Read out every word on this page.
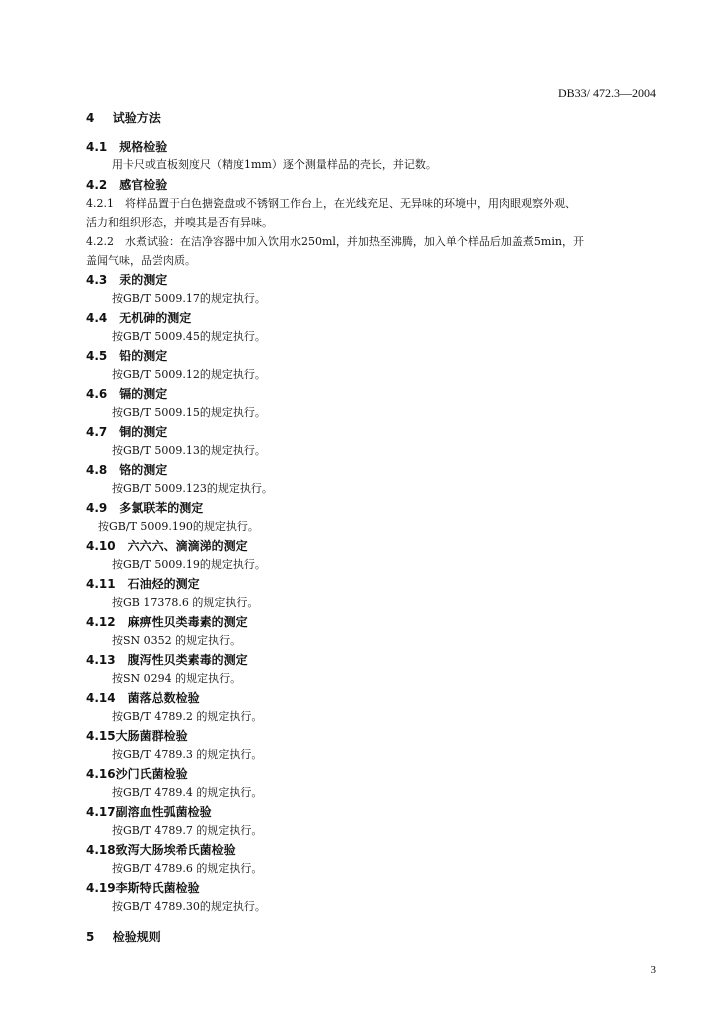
DB33/ 472.3—2004
4 试验方法
4.1 规格检验
用卡尺或直板刻度尺（精度1mm）逐个测量样品的壳长，并记数。
4.2 感官检验
4.2.1　将样品置于白色搪瓷盘或不锈钢工作台上，在光线充足、无异味的环境中，用肉眼观察外观、
活力和组织形态，并嗅其是否有异味。
4.2.2　水煮试验：在洁净容器中加入饮用水250ml，并加热至沸腾，加入单个样品后加盖煮5min，开
盖闻气味，品尝肉质。
4.3 汞的测定
按GB/T 5009.17的规定执行。
4.4 无机砷的测定
按GB/T 5009.45的规定执行。
4.5 铅的测定
按GB/T 5009.12的规定执行。
4.6 镉的测定
按GB/T 5009.15的规定执行。
4.7 铜的测定
按GB/T 5009.13的规定执行。
4.8 铬的测定
按GB/T 5009.123的规定执行。
4.9 多氯联苯的测定
按GB/T 5009.190的规定执行。
4.10 六六六、滴滴涕的测定
按GB/T 5009.19的规定执行。
4.11 石油烃的测定
按GB 17378.6 的规定执行。
4.12 麻痹性贝类毒素的测定
按SN 0352 的规定执行。
4.13 腹泻性贝类素毒的测定
按SN 0294 的规定执行。
4.14 菌落总数检验
按GB/T 4789.2 的规定执行。
4.15大肠菌群检验
按GB/T 4789.3 的规定执行。
4.16沙门氏菌检验
按GB/T 4789.4 的规定执行。
4.17副溶血性弧菌检验
按GB/T 4789.7 的规定执行。
4.18致泻大肠埃希氏菌检验
按GB/T 4789.6 的规定执行。
4.19李斯特氏菌检验
按GB/T 4789.30的规定执行。
5 检验规则
3
